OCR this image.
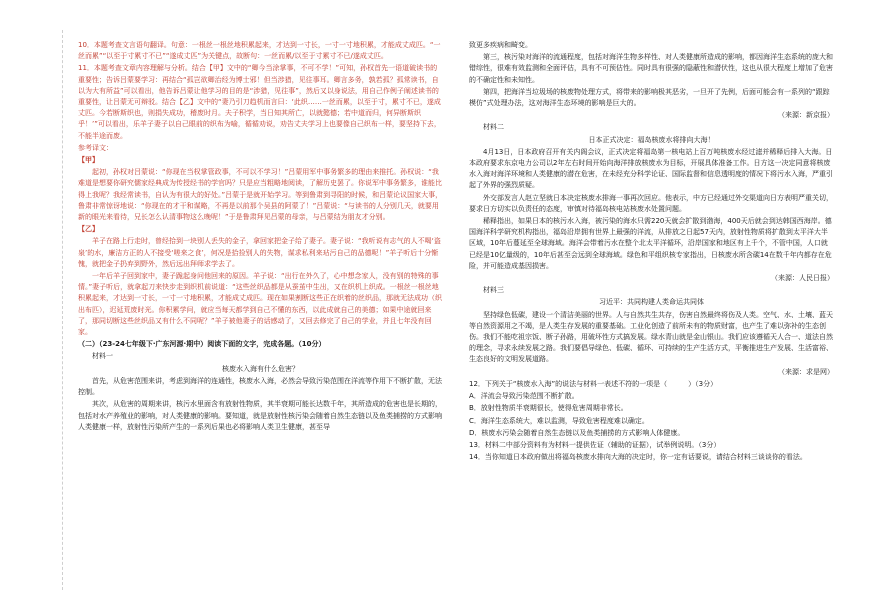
10．本题考查文言语句翻译。句意：一根丝一根丝地积累起来，才达到一寸长，一寸一寸地积累，才能成丈成匹。“一丝而累”“以至于寸累寸不已”“遂成丈匹”为关键点，故断句：一丝而累/以至于寸累寸不已/遂成丈匹。

11．本题考查文章内容理解与分析。结合【甲】文中的“卿今当涂掌事，不可不学！”可知，孙权首先一语道破读书的重要性；告诉吕蒙要学习：再结合“孤岂欲卿治经为博士邪！但当涉猎，见往事耳。卿言多务，孰若孤？孤常读书，自以为大有所益”可以看出，他告诉吕蒙让他学习的目的是“涉猎，见往事”，然后又以身说法，用自己作例子阐述读书的重要性，让吕蒙无可辩驳。结合【乙】文中的“妻乃引刀趋机而言曰：‘此织……一丝而累，以至于寸，累寸不已，遂成丈匹。今若断斯织也，则捐失成功，稽废时月。夫子积学，当日知其所亡，以就懿德；若中道而归，何异断斯织乎！’”可以看出，乐羊子妻子以自己眼前的织布为喻，循循劝说，劝告丈夫学习上也要像自己织布一样，要坚持下去，不能半途而废。

参考译文：

【甲】

起初，孙权对吕蒙说：“你现在当权掌管政事，不可以不学习！”吕蒙用军中事务繁多的理由来推托。孙权说：“我难道是想要你研究儒家经典成为传授经书的学官吗？只是应当粗略地阅读，了解历史罢了。你说军中事务繁多，谁能比得上我呢？我经常读书，自认为有很大的好处。”吕蒙于是就开始学习。等到鲁肃到寻阳的时候，和吕蒙论议国家大事，鲁肃非常惊讶地说：“你现在的才干和谋略，不再是以前那个吴县的阿蒙了！”吕蒙说：“与读书的人分别几天，就要用新的眼光来看待，兄长怎么认清事物这么晚呢！”于是鲁肃拜见吕蒙的母亲，与吕蒙结为朋友才分别。

【乙】

羊子在路上行走时，曾经拾到一块别人丢失的金子，拿回家把金子给了妻子。妻子说：“我听说有志气的人不喝‘盗泉’的水，廉洁方正的人不接受‘嗟来之食’，何况是拾捡别人的失物，谋求私利来玷污自己的品德呢！”羊子听后十分惭愧，就把金子扔弃到野外，然后远出拜师求学去了。

一年后羊子回到家中，妻子跪起身问他回来的原因。羊子说：“出行在外久了，心中想念家人，没有别的特殊的事情。”妻子听后，就拿起刀来快步走到织机前说道：“这些丝织品都是从蚕茧中生出，又在织机上织成。一根丝一根丝地积累起来，才达到一寸长，一寸一寸地积累，才能成丈成匹。现在如果割断这些正在织着的丝织品，那就无法成功（织出布匹），迟延荒废时光。你积累学问，就应当每天都学到自己不懂的东西，以此成就自己的美德；如果中途就回来了，那同切断这些丝织品又有什么不同呢？”羊子被他妻子的话感动了，又回去修完了自己的学业，并且七年没有回家。

（二）（23-24七年级下·广东河源·期中）阅读下面的文字，完成各题。（10分）

材料一

核废水入海有什么危害？

首先，从危害范围来讲，考虑到海洋的连通性，核废水入海，必然会导致污染范围在洋流等作用下不断扩散，无法控制。

其次，从危害的周期来讲，核污水里面含有放射性物质，其半衰期可能长达数千年，其所造成的危害也是长期的，包括对水产养殖业的影响，对人类健康的影响。要知道，就是放射性核污染会随着自然生态链以及鱼类捕捞的方式影响人类健康一样，放射性污染所产生的一系列后果也必将影响人类卫生健康，甚至导

致更多疾病和畸变。

第三，核污染对海洋的流通程度，包括对海洋生物多样性、对人类健康所造成的影响，都因海洋生态系统的庞大和错综性，很难有效监测和全面评估，具有不可预估性。同时具有很强的隐蔽性和潜伏性，这也从很大程度上增加了危害的不确定性和未知性。

第四，把海洋当垃圾场的核废物处理方式，将带来的影响极其恶劣，一旦开了先例，后面可能会有一系列的“跟踪模仿”式处理办法，这对海洋生态环境的影响是巨大的。

（来源：新京报）

材料二

日本正式决定：福岛核废水将排向大海！

4月13日，日本政府召开有关内阁会议，正式决定将福岛第一核电站上百万吨核废水经过滤并稀释后排入大海。日本政府要求东京电力公司以2年左右时间开始向海洋排放核废水为目标，开展具体准备工作。日方这一决定同意将核废水入海对海洋环境和人类健康的潜在危害，在未经充分科学论证、国际监督和信息透明度的情况下将污水入海，严重引起了外界的强烈质疑。

外交部发言人赵立坚就日本决定核废水排海一事再次回应。他表示，中方已经通过外交渠道向日方表明严重关切，要求日方切实以负责任的态度，审慎对待福岛核电站核废水处置问题。

稀释指出，如果日本的核污水入海，被污染的海水只需220天就会扩散到渤海，400天后就会到达韩国西海岸。德国海洋科学研究机构指出，福岛沿岸拥有世界上最强的洋流，从排放之日起57天内，放射性物质将扩散到太平洋大半区域，10年后蔓延至全球海域。海洋会带着污水在整个北太平洋循环，沿岸国家和地区有上千个，不管中国，人口就已经是10亿量级的，10年后甚至会远到全球海域。绿色和平组织核专家指出，日核废水所含碳14在数千年内都存在危险，并可能造成基因损害。

（来源：人民日报）

材料三

习近平：共同构建人类命运共同体

坚持绿色低碳，建设一个清洁美丽的世界。人与自然共生共存，伤害自然最终将伤及人类。空气、水、土壤、蓝天等自然资源用之不竭，是人类生存发展的重要基础。工业化创造了前所未有的物质财富，也产生了难以弥补的生态创伤。我们不能吃祖宗饭、断子孙路，用破坏性方式搞发展。绿水青山就是金山银山。我们应该遵循天人合一、道法自然的理念，寻求永续发展之路。我们要倡导绿色、低碳、循环、可持续的生产生活方式，平衡推进生产发展、生活富裕、生态良好的文明发展道路。

（来源：求是网）

12．下列关于“核废水入海”的说法与材料一表述不符的一项是（　　　）（3分）

A．洋流会导致污染范围不断扩散。

B．放射性物质半衰期很长，使得危害周期非常长。

C．海洋生态系统大，难以监测，导致危害程度难以确定。

D．核废水污染会随着自然生态链以及鱼类捕捞的方式影响人体健康。

13．材料二中部分资料有为材料一提供佐证（辅助的证据），试举例说明。（3分）

14．当你知道日本政府做出将福岛核废水排向大海的决定时，你一定有话要说，请结合材料三谈谈你的看法。
